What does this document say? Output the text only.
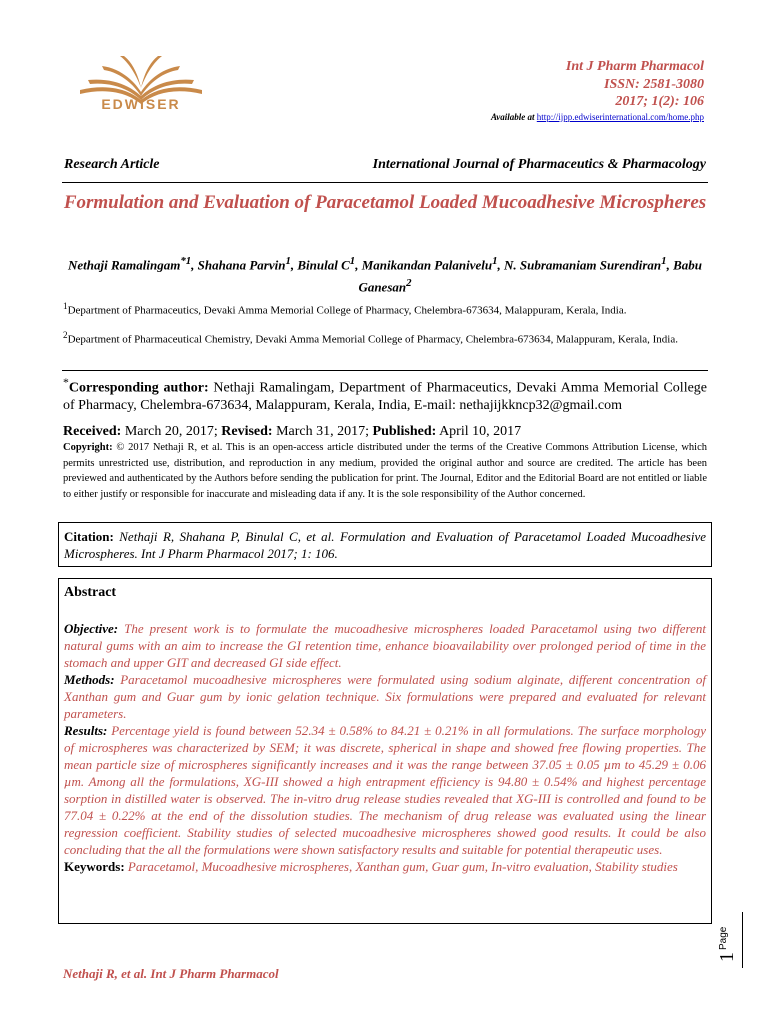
EDWISER
Int J Pharm Pharmacol
ISSN: 2581-3080
2017; 1(2): 106
Available at http://ijpp.edwiserinternational.com/home.php
Research Article	International Journal of Pharmaceutics & Pharmacology
Formulation and Evaluation of Paracetamol Loaded Mucoadhesive Microspheres
Nethaji Ramalingam$^{*1}$, Shahana Parvin$^1$, Binulal $C^1$, Manikandan Palanivelu$^1$, N. Subramaniam Surendiran$^1$, Babu Ganesan$^2$
$^1$Department of Pharmaceutics, Devaki Amma Memorial College of Pharmacy, Chelembra-673634, Malappuram, Kerala, India.
$^2$Department of Pharmaceutical Chemistry, Devaki Amma Memorial College of Pharmacy, Chelembra-673634, Malappuram, Kerala, India.
*Corresponding author: Nethaji Ramalingam, Department of Pharmaceutics, Devaki Amma Memorial College of Pharmacy, Chelembra-673634, Malappuram, Kerala, India, E-mail: nethajijkkncp32@gmail.com
Received: March 20, 2017; Revised: March 31, 2017; Published: April 10, 2017
Copyright: © 2017 Nethaji R, et al. This is an open-access article distributed under the terms of the Creative Commons Attribution License, which permits unrestricted use, distribution, and reproduction in any medium, provided the original author and source are credited. The article has been previewed and authenticated by the Authors before sending the publication for print. The Journal, Editor and the Editorial Board are not entitled or liable to either justify or responsible for inaccurate and misleading data if any. It is the sole responsibility of the Author concerned.
Citation: Nethaji R, Shahana P, Binulal C, et al. Formulation and Evaluation of Paracetamol Loaded Mucoadhesive Microspheres. Int J Pharm Pharmacol 2017; 1: 106.
Abstract

Objective: The present work is to formulate the mucoadhesive microspheres loaded Paracetamol using two different natural gums with an aim to increase the GI retention time, enhance bioavailability over prolonged period of time in the stomach and upper GIT and decreased GI side effect.

Methods: Paracetamol mucoadhesive microspheres were formulated using sodium alginate, different concentration of Xanthan gum and Guar gum by ionic gelation technique. Six formulations were prepared and evaluated for relevant parameters.

Results: Percentage yield is found between 52.34 ± 0.58% to 84.21 ± 0.21% in all formulations. The surface morphology of microspheres was characterized by SEM; it was discrete, spherical in shape and showed free flowing properties. The mean particle size of microspheres significantly increases and it was the range between 37.05 ± 0.05 µm to 45.29 ± 0.06 µm. Among all the formulations, XG-III showed a high entrapment efficiency is 94.80 ± 0.54% and highest percentage sorption in distilled water is observed. The in-vitro drug release studies revealed that XG-III is controlled and found to be 77.04 ± 0.22% at the end of the dissolution studies. The mechanism of drug release was evaluated using the linear regression coefficient. Stability studies of selected mucoadhesive microspheres showed good results. It could be also concluding that the all the formulations were shown satisfactory results and suitable for potential therapeutic uses.

Keywords: Paracetamol, Mucoadhesive microspheres, Xanthan gum, Guar gum, In-vitro evaluation, Stability studies

Nethaji R, et al. Int J Pharm Pharmacol
Page
1
